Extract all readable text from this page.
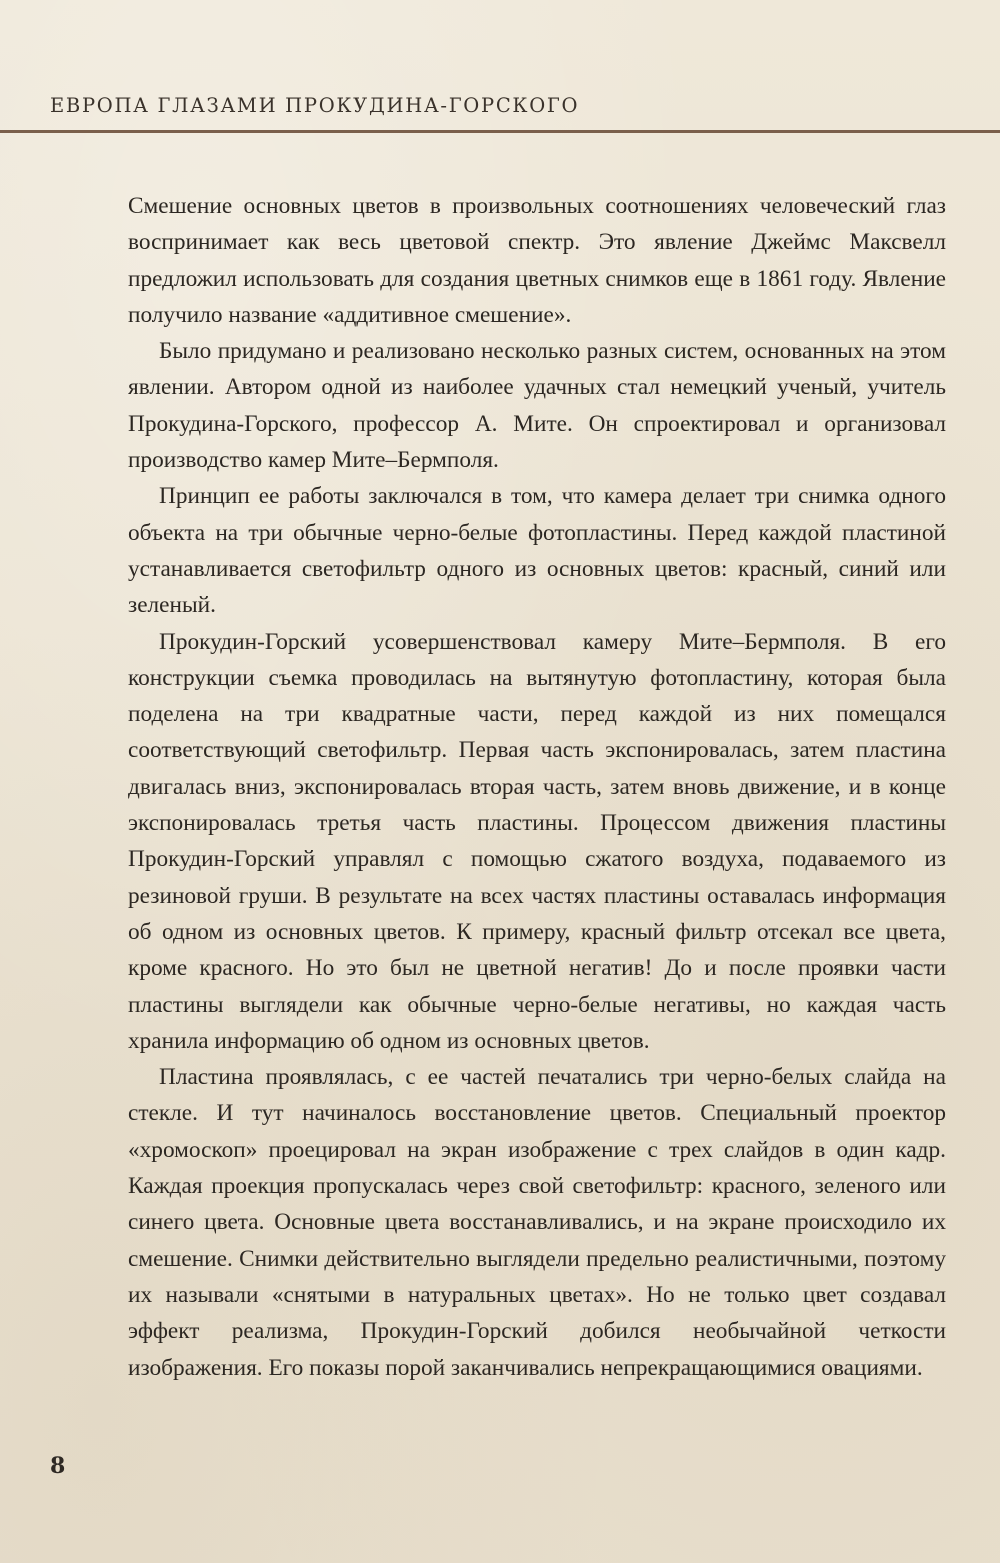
ЕВРОПА ГЛАЗАМИ ПРОКУДИНА-ГОРСКОГО

Смешение основных цветов в произвольных соотношениях человеческий глаз воспринимает как весь цветовой спектр. Это явление Джеймс Максвелл предложил использовать для создания цветных снимков еще в 1861 году. Явление получило название «аддитивное смешение».

Было придумано и реализовано несколько разных систем, основанных на этом явлении. Автором одной из наиболее удачных стал немецкий ученый, учитель Прокудина-Горского, профессор А. Мите. Он спроектировал и организовал производство камер Мите–Бермполя.

Принцип ее работы заключался в том, что камера делает три снимка одного объекта на три обычные черно-белые фотопластины. Перед каждой пластиной устанавливается светофильтр одного из основных цветов: красный, синий или зеленый.

Прокудин-Горский усовершенствовал камеру Мите–Бермполя. В его конструкции съемка проводилась на вытянутую фотопластину, которая была поделена на три квадратные части, перед каждой из них помещался соответствующий светофильтр. Первая часть экспонировалась, затем пластина двигалась вниз, экспонировалась вторая часть, затем вновь движение, и в конце экспонировалась третья часть пластины. Процессом движения пластины Прокудин-Горский управлял с помощью сжатого воздуха, подаваемого из резиновой груши. В результате на всех частях пластины оставалась информация об одном из основных цветов. К примеру, красный фильтр отсекал все цвета, кроме красного. Но это был не цветной негатив! До и после проявки части пластины выглядели как обычные черно-белые негативы, но каждая часть хранила информацию об одном из основных цветов.

Пластина проявлялась, с ее частей печатались три черно-белых слайда на стекле. И тут начиналось восстановление цветов. Специальный проектор «хромоскоп» проецировал на экран изображение с трех слайдов в один кадр. Каждая проекция пропускалась через свой светофильтр: красного, зеленого или синего цвета. Основные цвета восстанавливались, и на экране происходило их смешение. Снимки действительно выглядели предельно реалистичными, поэтому их называли «снятыми в натуральных цветах». Но не только цвет создавал эффект реализма, Прокудин-Горский добился необычайной четкости изображения. Его показы порой заканчивались непрекращающимися овациями.

8
